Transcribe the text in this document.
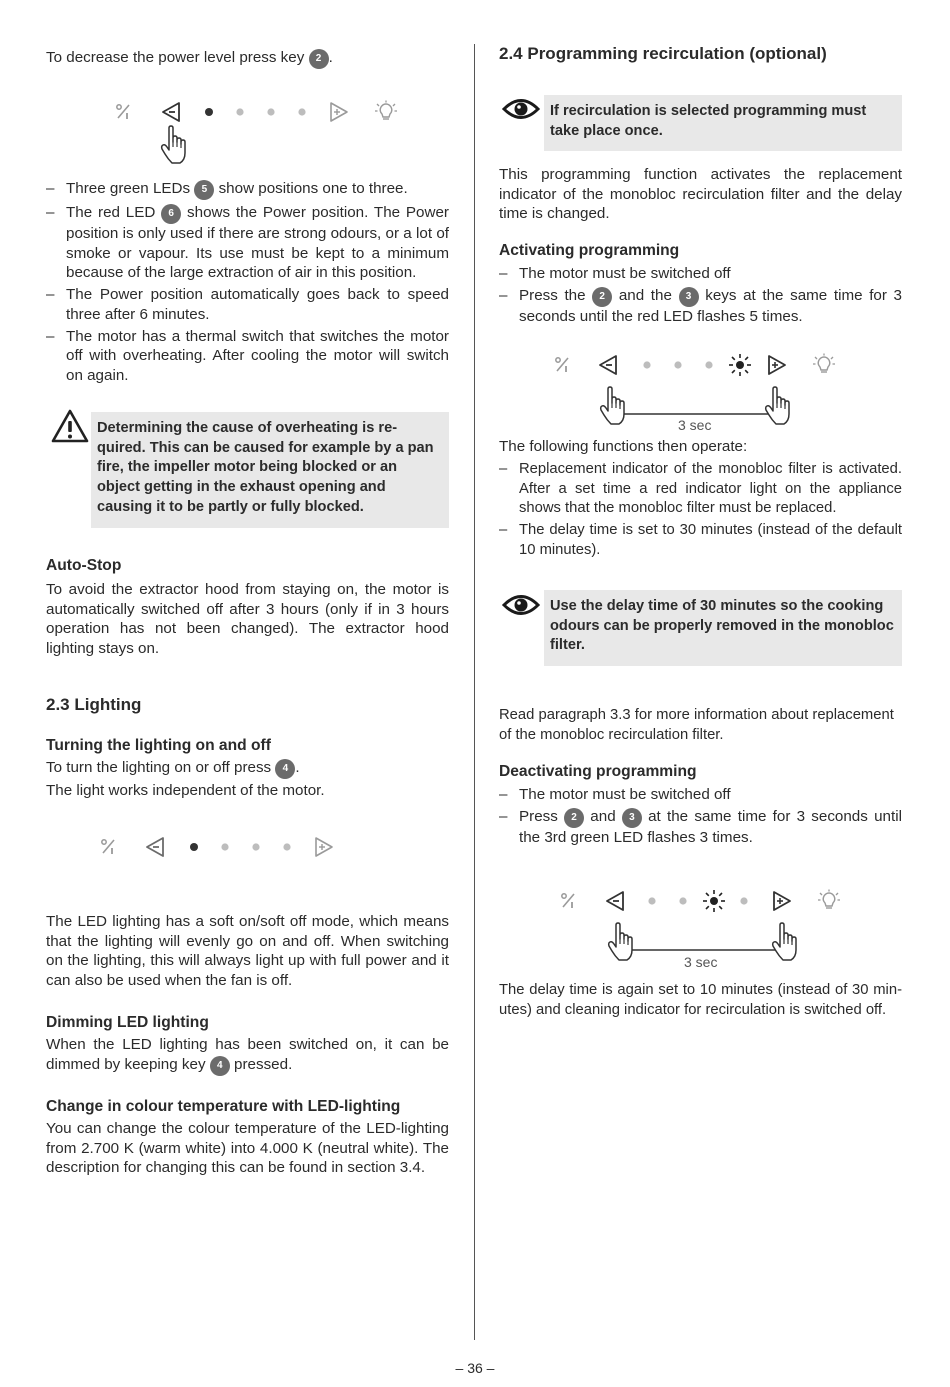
To decrease the power level press key 2 .

– Three green LEDs 5 show positions one to three.
– The red LED 6 shows the Power position. The Power position is only used if there are strong odours, or a lot of smoke or vapour. Its use must be kept to a minimum because of the large extraction of air in this position.
– The Power position automatically goes back to speed three after 6 minutes.
– The motor has a thermal switch that switches the motor off with overheating. After cooling the motor will switch on again.
Determining the cause of overheating is re-quired. This can be caused for example by a pan fire, the impeller motor being blocked or an object getting in the exhaust opening and causing it to be partly or fully blocked.
Auto-Stop

To avoid the extractor hood from staying on, the motor is automatically switched off after 3 hours (only if in 3 hours operation has not been changed). The extractor hood lighting stays on.

2.3 Lighting
Turning the lighting on and off

To turn the lighting on or off press 4 .

The light works independent of the motor.

The LED lighting has a soft on/soft off mode, which means that the lighting will evenly go on and off. When switching on the lighting, this will always light up with full power and it can also be used when the fan is off.

Dimming LED lighting

When the LED lighting has been switched on, it can be dimmed by keeping key 4 pressed.

Change in colour temperature with LED-lighting

You can change the colour temperature of the LED-lighting from 2.700 K (warm white) into 4.000 K (neutral white). The description for changing this can be found in section 3.4.

2.4 Programming recirculation (optional)
If recirculation is selected programming must take place once.

This programming function activates the replacement indicator of the monobloc recirculation filter and the delay time is changed.

Activating programming
– The motor must be switched off
– Press the 2 and the 3 keys at the same time for 3 seconds until the red LED flashes 5 times.
3 sec

The following functions then operate:

– Replacement indicator of the monobloc filter is activated. After a set time a red indicator light on the appliance shows that the monobloc filter must be replaced.
– The delay time is set to 30 minutes (instead of the default 10 minutes).
Use the delay time of 30 minutes so the cooking odours can be properly removed in the monobloc filter.

Read paragraph 3.3 for more information about replacement of the monobloc recirculation filter.

Deactivating programming
– The motor must be switched off
– Press 2 and 3 at the same time for 3 seconds until the 3rd green LED flashes 3 times.
3 sec

The delay time is again set to 10 minutes (instead of 30 min-utes) and cleaning indicator for recirculation is switched off.

– 36 –
